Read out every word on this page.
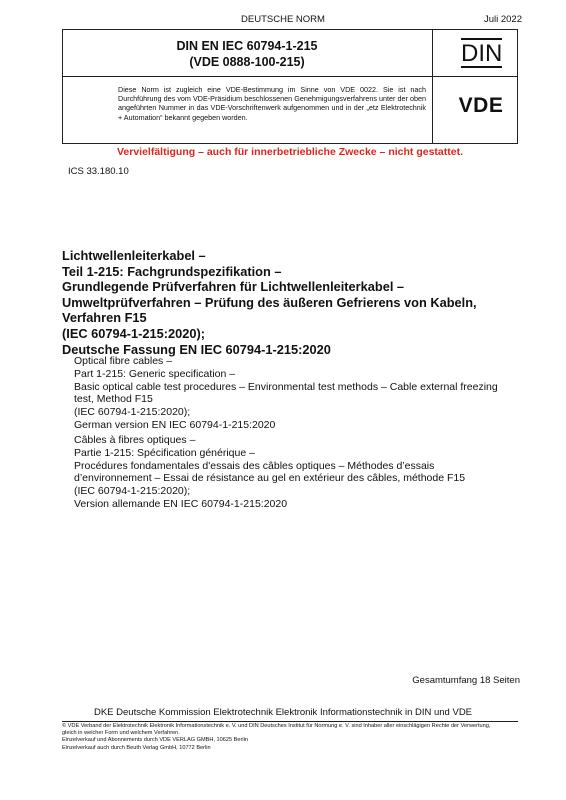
DEUTSCHE NORM	Juli 2022
DIN EN IEC 60794-1-215
(VDE 0888-100-215)	DIN
Diese Norm ist zugleich eine VDE-Bestimmung im Sinne von VDE 0022. Sie ist nach Durchführung des vom VDE-Präsidium beschlossenen Genehmigungsverfahrens unter der oben angeführten Nummer in das VDE-Vorschriftenwerk aufgenommen und in der „etz Elektrotechnik + Automation“ bekannt gegeben worden.
VDE
Vervielfältigung – auch für innerbetriebliche Zwecke – nicht gestattet.
ICS 33.180.10
Lichtwellenleiterkabel –
Teil 1-215: Fachgrundspezifikation –
Grundlegende Prüfverfahren für Lichtwellenleiterkabel –
Umweltprüfverfahren – Prüfung des äußeren Gefrierens von Kabeln,
Verfahren F15
(IEC 60794-1-215:2020);
Deutsche Fassung EN IEC 60794-1-215:2020
Optical fibre cables –
Part 1-215: Generic specification –
Basic optical cable test procedures – Environmental test methods – Cable external freezing
test, Method F15
(IEC 60794-1-215:2020);
German version EN IEC 60794-1-215:2020
Câbles à fibres optiques –
Partie 1-215: Spécification générique –
Procédures fondamentales d'essais des câbles optiques – Méthodes d’essais
d’environnement – Essai de résistance au gel en extérieur des câbles, méthode F15
(IEC 60794-1-215:2020);
Version allemande EN IEC 60794-1-215:2020
Gesamtumfang 18 Seiten
DKE Deutsche Kommission Elektrotechnik Elektronik Informationstechnik in DIN und VDE
© VDE Verband der Elektrotechnik Elektronik Informationstechnik e. V. und DIN Deutsches Institut für Normung e. V. sind Inhaber aller einschlägigen Rechte der Verwertung,
gleich in welcher Form und welchem Verfahren.
Einzelverkauf und Abonnements durch VDE VERLAG GMBH, 10625 Berlin
Einzelverkauf auch durch Beuth Verlag GmbH, 10772 Berlin
